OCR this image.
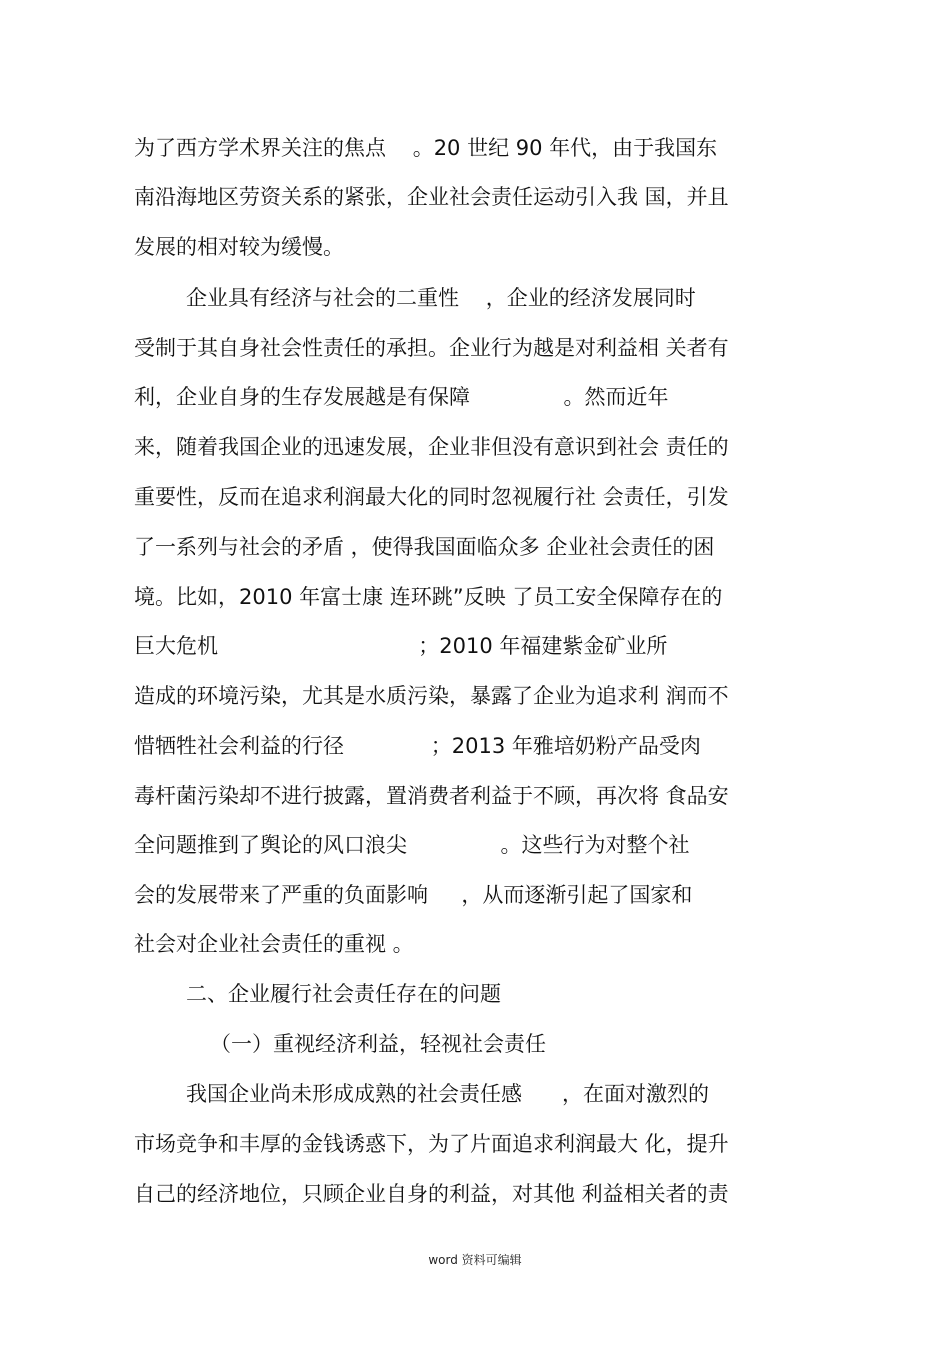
为了西方学术界关注的焦点    。20 世纪 90 年代，由于我国东
南沿海地区劳资关系的紧张，企业社会责任运动引入我 国，并且
发展的相对较为缓慢。
企业具有经济与社会的二重性    ，企业的经济发展同时
受制于其自身社会性责任的承担。企业行为越是对利益相 关者有
利，企业自身的生存发展越是有保障              。然而近年
来，随着我国企业的迅速发展，企业非但没有意识到社会 责任的
重要性，反而在追求利润最大化的同时忽视履行社 会责任，引发
了一系列与社会的矛盾 ，使得我国面临众多 企业社会责任的困
境。比如，2010 年富士康 连环跳”反映 了员工安全保障存在的
巨大危机                              ；2010 年福建紫金矿业所
造成的环境污染，尤其是水质污染，暴露了企业为追求利 润而不
惜牺牲社会利益的行径             ；2013 年雅培奶粉产品受肉
毒杆菌污染却不进行披露，置消费者利益于不顾，再次将 食品安
全问题推到了舆论的风口浪尖              。这些行为对整个社
会的发展带来了严重的负面影响     ，从而逐渐引起了国家和
社会对企业社会责任的重视 。
二、企业履行社会责任存在的问题
（一）重视经济利益，轻视社会责任
我国企业尚未形成成熟的社会责任感      ，在面对激烈的
市场竞争和丰厚的金钱诱惑下，为了片面追求利润最大 化，提升
自己的经济地位，只顾企业自身的利益，对其他 利益相关者的责
word 资料可编辑
